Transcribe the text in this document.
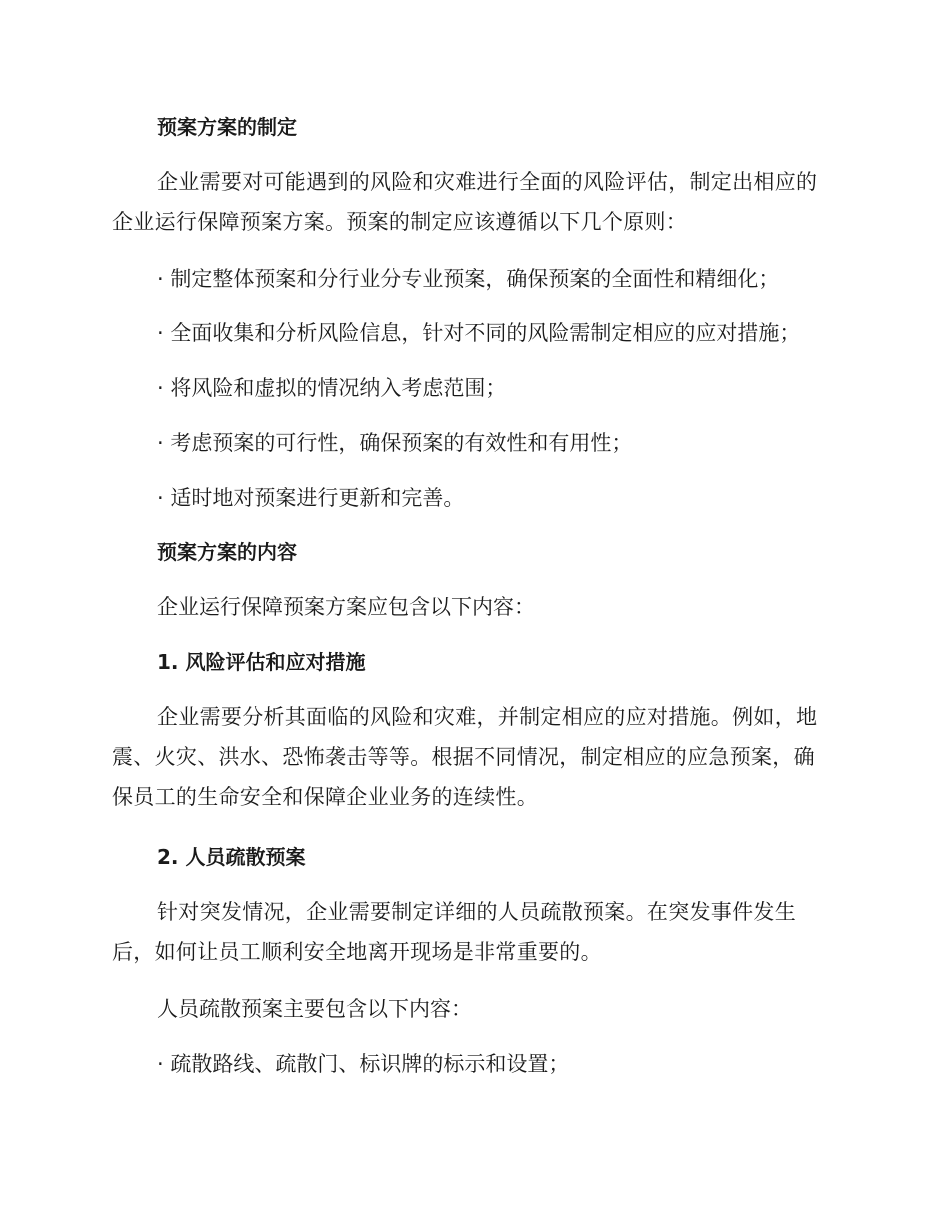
预案方案的制定

企业需要对可能遇到的风险和灾难进行全面的风险评估，制定出相应的企业运行保障预案方案。预案的制定应该遵循以下几个原则：

· 制定整体预案和分行业分专业预案，确保预案的全面性和精细化；

· 全面收集和分析风险信息，针对不同的风险需制定相应的应对措施；

· 将风险和虚拟的情况纳入考虑范围；

· 考虑预案的可行性，确保预案的有效性和有用性；

· 适时地对预案进行更新和完善。

预案方案的内容

企业运行保障预案方案应包含以下内容：

1. 风险评估和应对措施

企业需要分析其面临的风险和灾难，并制定相应的应对措施。例如，地震、火灾、洪水、恐怖袭击等等。根据不同情况，制定相应的应急预案，确保员工的生命安全和保障企业业务的连续性。

2. 人员疏散预案

针对突发情况，企业需要制定详细的人员疏散预案。在突发事件发生后，如何让员工顺利安全地离开现场是非常重要的。

人员疏散预案主要包含以下内容：

· 疏散路线、疏散门、标识牌的标示和设置；
